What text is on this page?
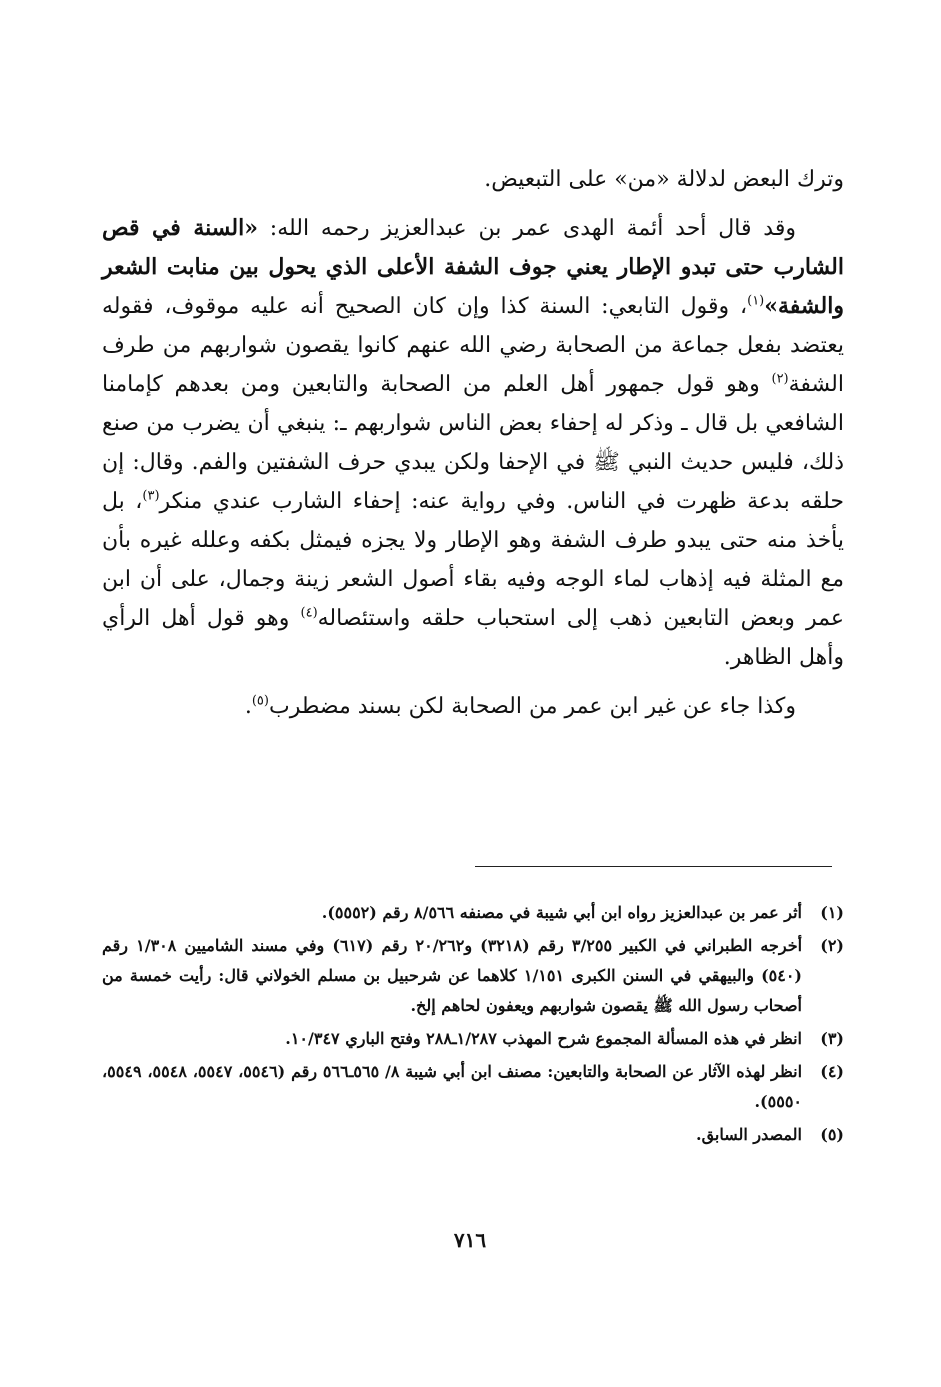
وترك البعض لدلالة «من» على التبعيض.

وقد قال أحد أئمة الهدى عمر بن عبدالعزيز رحمه الله: «السنة في قص الشارب حتى تبدو الإطار يعني جوف الشفة الأعلى الذي يحول بين منابت الشعر والشفة»$^{(١)}$، وقول التابعي: السنة كذا وإن كان الصحيح أنه عليه موقوف، فقوله يعتضد بفعل جماعة من الصحابة رضي الله عنهم كانوا يقصون شواربهم من طرف الشفة$^{(٢)}$ وهو قول جمهور أهل العلم من الصحابة والتابعين ومن بعدهم كإمامنا الشافعي بل قال ـ وذكر له إحفاء بعض الناس شواربهم ـ: ينبغي أن يضرب من صنع ذلك، فليس حديث النبي ﷺ في الإحفا ولكن يبدي حرف الشفتين والفم. وقال: إن حلقه بدعة ظهرت في الناس. وفي رواية عنه: إحفاء الشارب عندي منكر$^{(٣)}$، بل يأخذ منه حتى يبدو طرف الشفة وهو الإطار ولا يجزه فيمثل بكفه وعلله غيره بأن مع المثلة فيه إذهاب لماء الوجه وفيه بقاء أصول الشعر زينة وجمال، على أن ابن عمر وبعض التابعين ذهب إلى استحباب حلقه واستئصاله$^{(٤)}$ وهو قول أهل الرأي وأهل الظاهر.

وكذا جاء عن غير ابن عمر من الصحابة لكن بسند مضطرب$^{(٥)}$.

(١)
أثر عمر بن عبدالعزيز رواه ابن أبي شيبة في مصنفه ٨/٥٦٦ رقم (٥٥٥٢).
(٢)
أخرجه الطبراني في الكبير ٣/٢٥٥ رقم (٣٢١٨) و٢٠/٢٦٢ رقم (٦١٧) وفي مسند الشاميين ١/٣٠٨ رقم (٥٤٠) والبيهقي في السنن الكبرى ١/١٥١ كلاهما عن شرحبيل بن مسلم الخولاني قال: رأيت خمسة من أصحاب رسول الله ﷺ يقصون شواربهم ويعفون لحاهم إلخ.
(٣)
انظر في هذه المسألة المجموع شرح المهذب ١/٢٨٧ـ٢٨٨ وفتح الباري ١٠/٣٤٧.
(٤)
انظر لهذه الآثار عن الصحابة والتابعين: مصنف ابن أبي شيبة ٨/ ٥٦٥ـ٥٦٦ رقم (٥٥٤٦، ٥٥٤٧، ٥٥٤٨، ٥٥٤٩، ٥٥٥٠).
(٥)
المصدر السابق.
٧١٦
